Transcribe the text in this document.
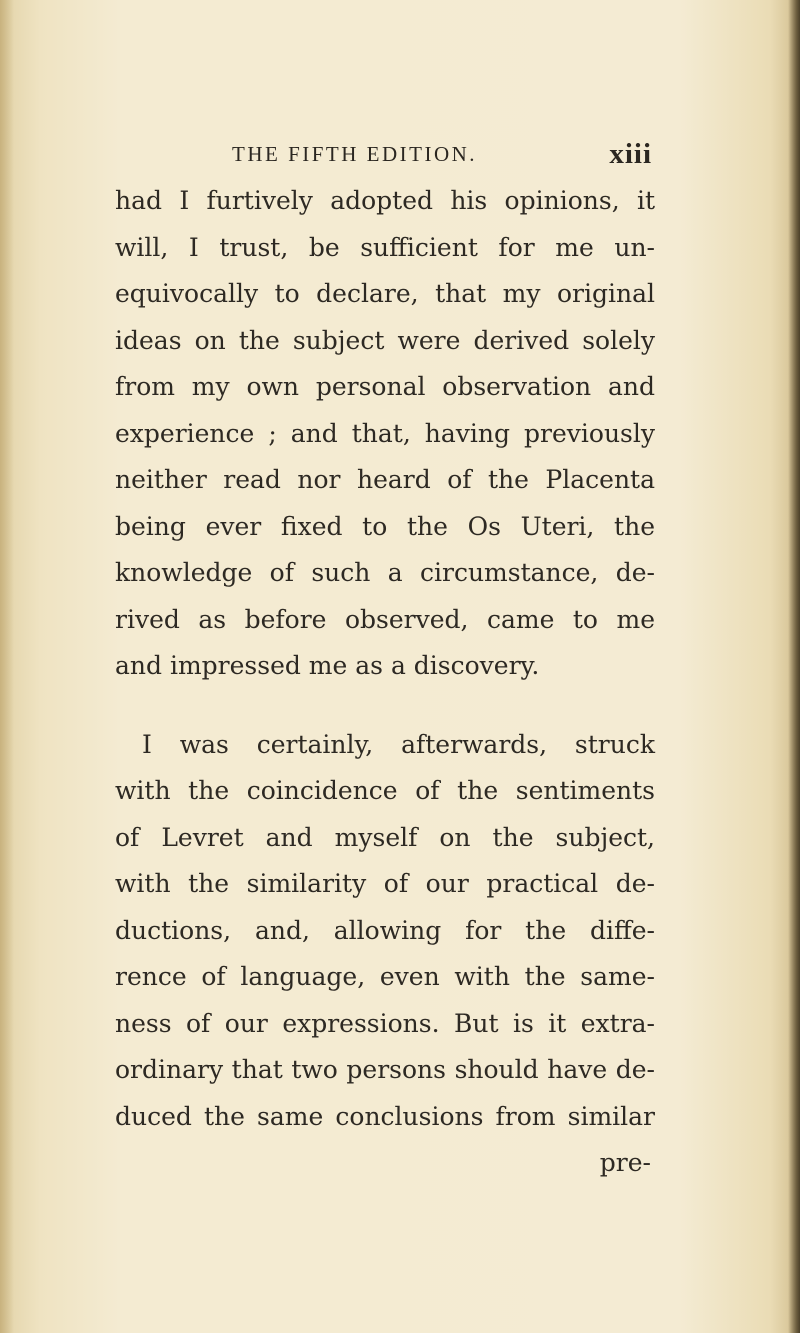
THE FIFTH EDITION.	xiii
had I furtively adopted his opinions, it
will, I trust, be sufficient for me un-
equivocally to declare, that my original
ideas on the subject were derived solely
from my own personal observation and
experience ; and that, having previously
neither read nor heard of the Placenta
being ever fixed to the Os Uteri, the
knowledge of such a circumstance, de-
rived as before observed, came to me
and impressed me as a discovery.
I was certainly, afterwards, struck
with the coincidence of the sentiments
of Levret and myself on the subject,
with the similarity of our practical de-
ductions, and, allowing for the diffe-
rence of language, even with the same-
ness of our expressions. But is it extra-
ordinary that two persons should have de-
duced the same conclusions from similar
pre-
